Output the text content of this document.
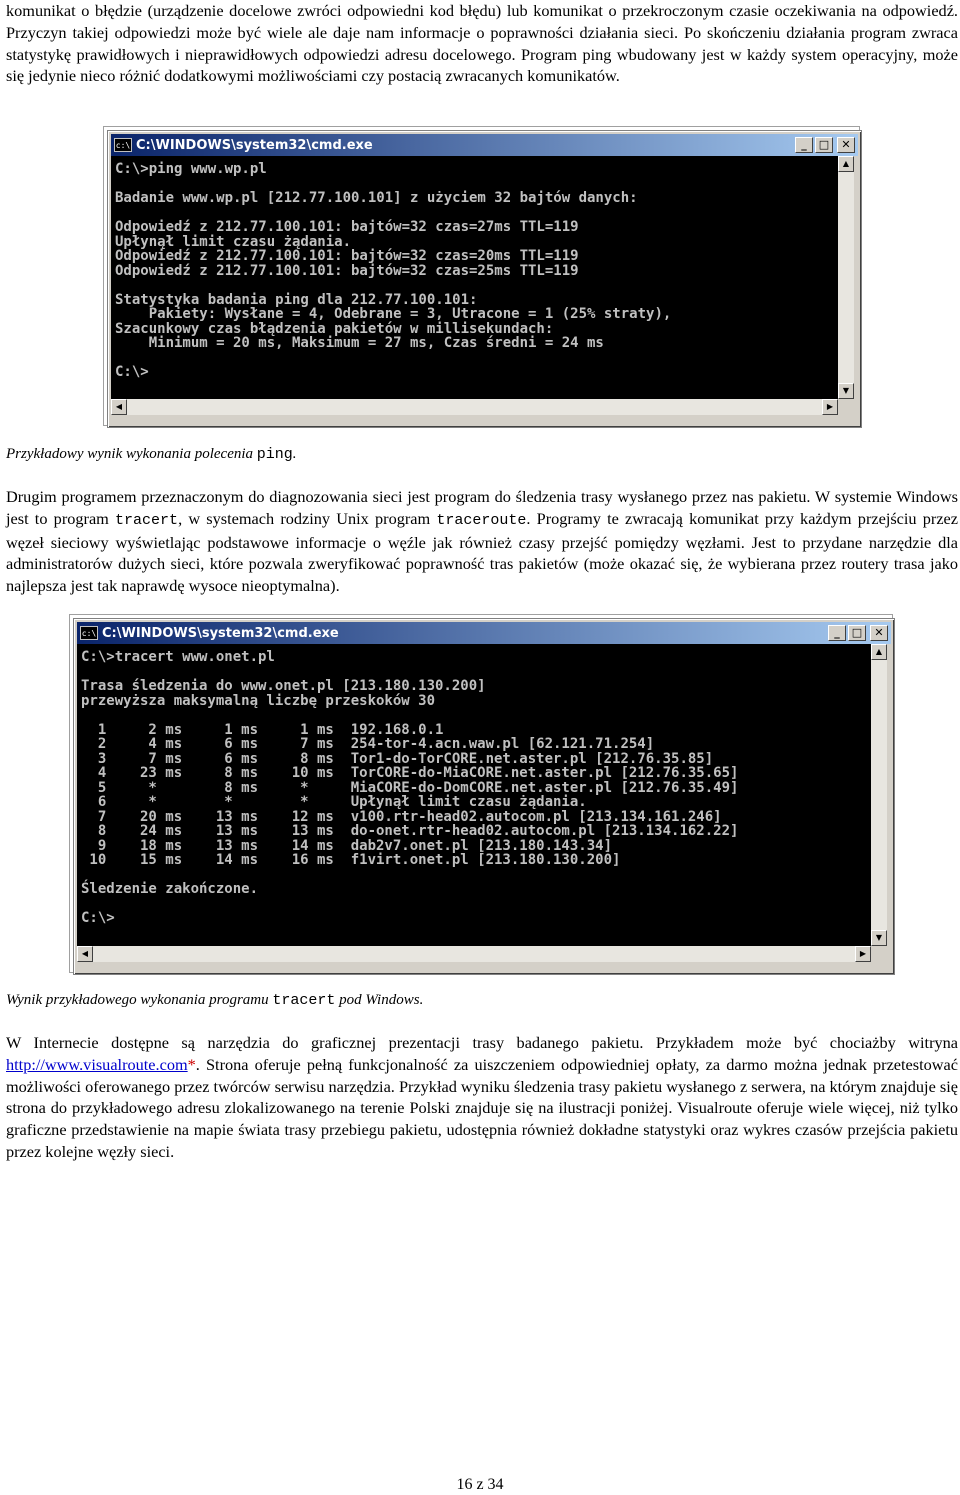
komunikat o błędzie (urządzenie docelowe zwróci odpowiedni kod błędu) lub komunikat o przekroczonym czasie oczekiwania na odpowiedź. Przyczyn takiej odpowiedzi może być wiele ale daje nam informacje o poprawności działania sieci. Po skończeniu działania program zwraca statystykę prawidłowych i nieprawidłowych odpowiedzi adresu docelowego. Program ping wbudowany jest w każdy system operacyjny, może się jedynie nieco różnić dodatkowymi możliwościami czy postacią zwracanych komunikatów.

c:\ C:\WINDOWS\system32\cmd.exe	_	□	✕
C:\>ping www.wp.pl

Badanie www.wp.pl [212.77.100.101] z użyciem 32 bajtów danych:

Odpowiedź z 212.77.100.101: bajtów=32 czas=27ms TTL=119
Upłynął limit czasu żądania.
Odpowiedź z 212.77.100.101: bajtów=32 czas=20ms TTL=119
Odpowiedź z 212.77.100.101: bajtów=32 czas=25ms TTL=119

Statystyka badania ping dla 212.77.100.101:
Pakiety: Wysłane = 4, Odebrane = 3, Utracone = 1 (25% straty),
Szacunkowy czas błądzenia pakietów w millisekundach:
Minimum = 20 ms, Maksimum = 27 ms, Czas średni = 24 ms

C:\>
▲
▼
◀	▶
Przykładowy wynik wykonania polecenia ping.

Drugim programem przeznaczonym do diagnozowania sieci jest program do śledzenia trasy wysłanego przez nas pakietu. W systemie Windows jest to program tracert, w systemach rodziny Unix program traceroute. Programy te zwracają komunikat przy każdym przejściu przez węzeł sieciowy wyświetlając podstawowe informacje o węźle jak również czasy przejść pomiędzy węzłami. Jest to przydane narzędzie dla administratorów dużych sieci, które pozwala zweryfikować poprawność tras pakietów (może okazać się, że wybierana przez routery trasa jako najlepsza jest tak naprawdę wysoce nieoptymalna).

c:\ C:\WINDOWS\system32\cmd.exe	_	□	✕
C:\>tracert www.onet.pl

Trasa śledzenia do www.onet.pl [213.180.130.200]
przewyższa maksymalną liczbę przeskoków 30

1     2 ms     1 ms     1 ms  192.168.0.1
2     4 ms     6 ms     7 ms  254-tor-4.acn.waw.pl [62.121.71.254]
3     7 ms     6 ms     8 ms  Tor1-do-TorCORE.net.aster.pl [212.76.35.85]
4    23 ms     8 ms    10 ms  TorCORE-do-MiaCORE.net.aster.pl [212.76.35.65]
5     *        8 ms     *     MiaCORE-do-DomCORE.net.aster.pl [212.76.35.49]
6     *        *        *     Upłynął limit czasu żądania.
7    20 ms    13 ms    12 ms  v100.rtr-head02.autocom.pl [213.134.161.246]
8    24 ms    13 ms    13 ms  do-onet.rtr-head02.autocom.pl [213.134.162.22]
9    18 ms    13 ms    14 ms  dab2v7.onet.pl [213.180.143.34]
10    15 ms    14 ms    16 ms  f1virt.onet.pl [213.180.130.200]

Śledzenie zakończone.

C:\>
▲
▼
◀	▶
Wynik przykładowego wykonania programu tracert pod Windows.

W Internecie dostępne są narzędzia do graficznej prezentacji trasy badanego pakietu. Przykładem może być chociażby witryna http://www.visualroute.com*. Strona oferuje pełną funkcjonalność za uiszczeniem odpowiedniej opłaty, za darmo można jednak przetestować możliwości oferowanego przez twórców serwisu narzędzia. Przykład wyniku śledzenia trasy pakietu wysłanego z serwera, na którym znajduje się strona do przykładowego adresu zlokalizowanego na terenie Polski znajduje się na ilustracji poniżej. Visualroute oferuje wiele więcej, niż tylko graficzne przedstawienie na mapie świata trasy przebiegu pakietu, udostępnia również dokładne statystyki oraz wykres czasów przejścia pakietu przez kolejne węzły sieci.

16 z 34
